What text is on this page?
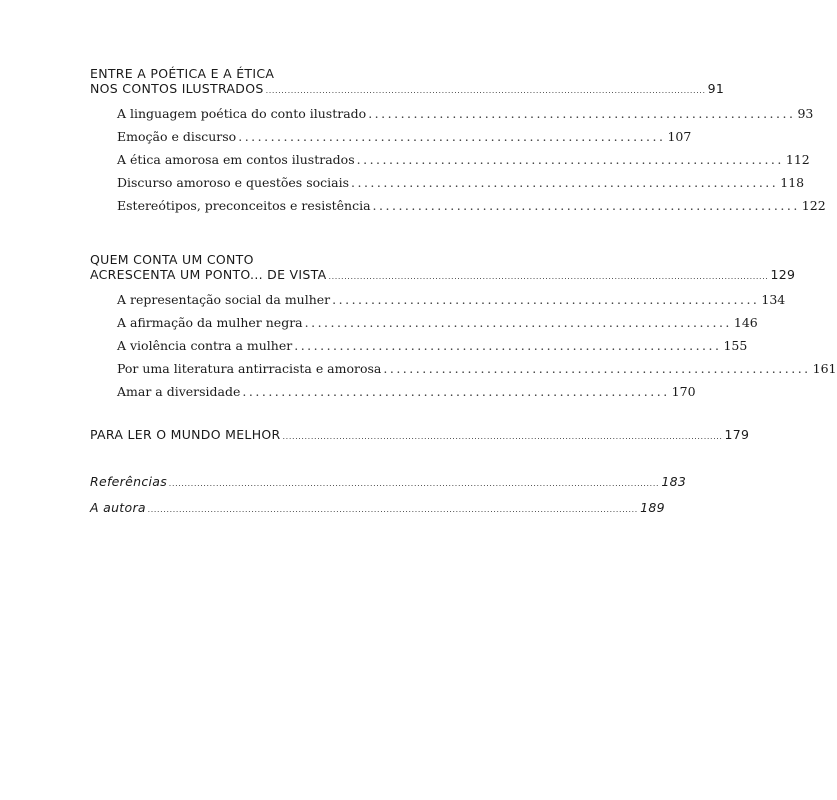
ENTRE A POÉTICA E A ÉTICA
NOS CONTOS ILUSTRADOS ............................................................................................................................................ 91
A linguagem poética do conto ilustrado .................................................................. 93
Emoção e discurso .................................................................. 107
A ética amorosa em contos ilustrados .................................................................. 112
Discurso amoroso e questões sociais .................................................................. 118
Estereótipos, preconceitos e resistência .................................................................. 122
QUEM CONTA UM CONTO
ACRESCENTA UM PONTO... DE VISTA ............................................................................................................................................ 129
A representação social da mulher .................................................................. 134
A afirmação da mulher negra .................................................................. 146
A violência contra a mulher .................................................................. 155
Por uma literatura antirracista e amorosa .................................................................. 161
Amar a diversidade .................................................................. 170
PARA LER O MUNDO MELHOR ............................................................................................................................................ 179
Referências ............................................................................................................................................................ 183
A autora ............................................................................................................................................................ 189
